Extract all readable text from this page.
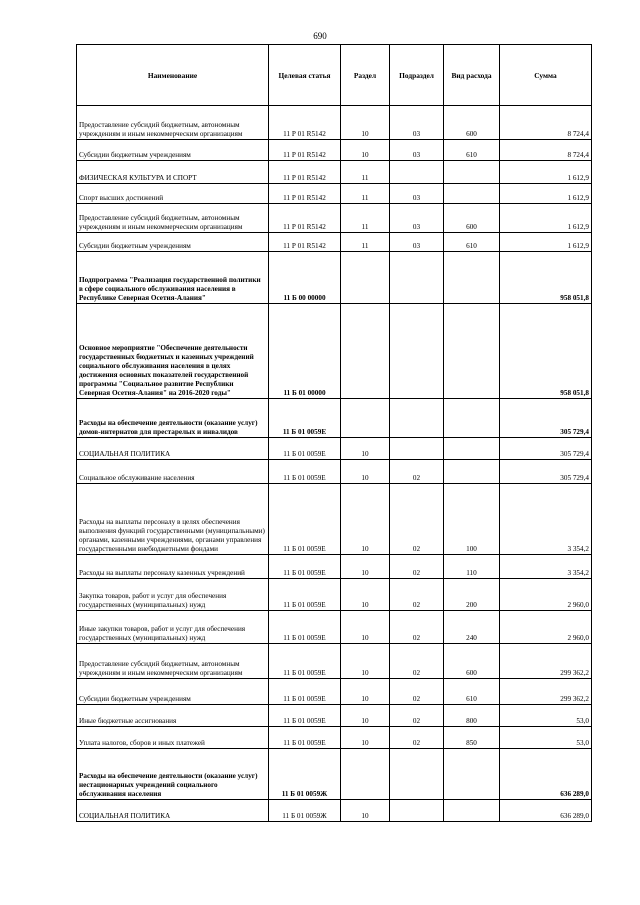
690
Наименование	Целевая статья	Раздел	Подраздел	Вид расхода	Сумма
Предоставление субсидий бюджетным, автономным учреждениям и иным некоммерческим организациям	11 Р 01 R5142	10	03	600	8 724,4
Субсидии бюджетным учреждениям	11 Р 01 R5142	10	03	610	8 724,4
ФИЗИЧЕСКАЯ КУЛЬТУРА И СПОРТ	11 Р 01 R5142	11			1 612,9
Спорт высших достижений	11 Р 01 R5142	11	03		1 612,9
Предоставление субсидий бюджетным, автономным учреждениям и иным некоммерческим организациям	11 Р 01 R5142	11	03	600	1 612,9
Субсидии бюджетным учреждениям	11 Р 01 R5142	11	03	610	1 612,9
Подпрограмма "Реализация государственной политики в сфере социального обслуживания населения в Республике Северная Осетия-Алания"	11 Б 00 00000				958 051,8
Основное мероприятие "Обеспечение деятельности государственных бюджетных и казенных учреждений социального обслуживания населения в целях достижения основных показателей государственной программы "Социальное развитие Республики Северная Осетия-Алания" на 2016-2020 годы"	11 Б 01 00000				958 051,8
Расходы на обеспечение деятельности (оказание услуг) домов-интернатов для престарелых и инвалидов	11 Б 01 0059Е				305 729,4
СОЦИАЛЬНАЯ ПОЛИТИКА	11 Б 01 0059Е	10			305 729,4
Социальное обслуживание населения	11 Б 01 0059Е	10	02		305 729,4
Расходы на выплаты персоналу в целях обеспечения выполнения функций государственными (муниципальными) органами, казенными учреждениями, органами управления государственными внебюджетными фондами	11 Б 01 0059Е	10	02	100	3 354,2
Расходы на выплаты персоналу казенных учреждений	11 Б 01 0059Е	10	02	110	3 354,2
Закупка товаров, работ и услуг для обеспечения государственных (муниципальных) нужд	11 Б 01 0059Е	10	02	200	2 960,0
Иные закупки товаров, работ и услуг для обеспечения государственных (муниципальных) нужд	11 Б 01 0059Е	10	02	240	2 960,0
Предоставление субсидий бюджетным, автономным учреждениям и иным некоммерческим организациям	11 Б 01 0059Е	10	02	600	299 362,2
Субсидии бюджетным учреждениям	11 Б 01 0059Е	10	02	610	299 362,2
Иные бюджетные ассигнования	11 Б 01 0059Е	10	02	800	53,0
Уплата налогов, сборов и иных платежей	11 Б 01 0059Е	10	02	850	53,0
Расходы на обеспечение деятельности (оказание услуг) нестационарных учреждений социального обслуживания населения	11 Б 01 0059Ж				636 289,0
СОЦИАЛЬНАЯ ПОЛИТИКА	11 Б 01 0059Ж	10			636 289,0
